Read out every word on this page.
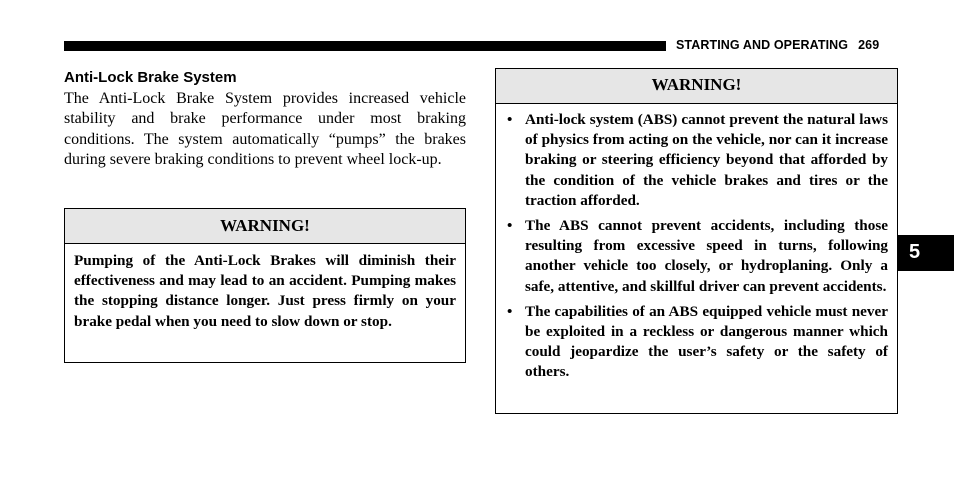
STARTING AND OPERATING 269
Anti-Lock Brake System

The Anti-Lock Brake System provides increased vehicle stability and brake performance under most braking conditions. The system automatically “pumps” the brakes during severe braking conditions to prevent wheel lock-up.

WARNING!
Pumping of the Anti-Lock Brakes will diminish their effectiveness and may lead to an accident. Pumping makes the stopping distance longer. Just press firmly on your brake pedal when you need to slow down or stop.
WARNING!
• Anti-lock system (ABS) cannot prevent the natural laws of physics from acting on the vehicle, nor can it increase braking or steering efficiency beyond that afforded by the condition of the vehicle brakes and tires or the traction afforded.
• The ABS cannot prevent accidents, including those resulting from excessive speed in turns, following another vehicle too closely, or hydroplaning. Only a safe, attentive, and skillful driver can prevent accidents.
• The capabilities of an ABS equipped vehicle must never be exploited in a reckless or dangerous manner which could jeopardize the user’s safety or the safety of others.
5
